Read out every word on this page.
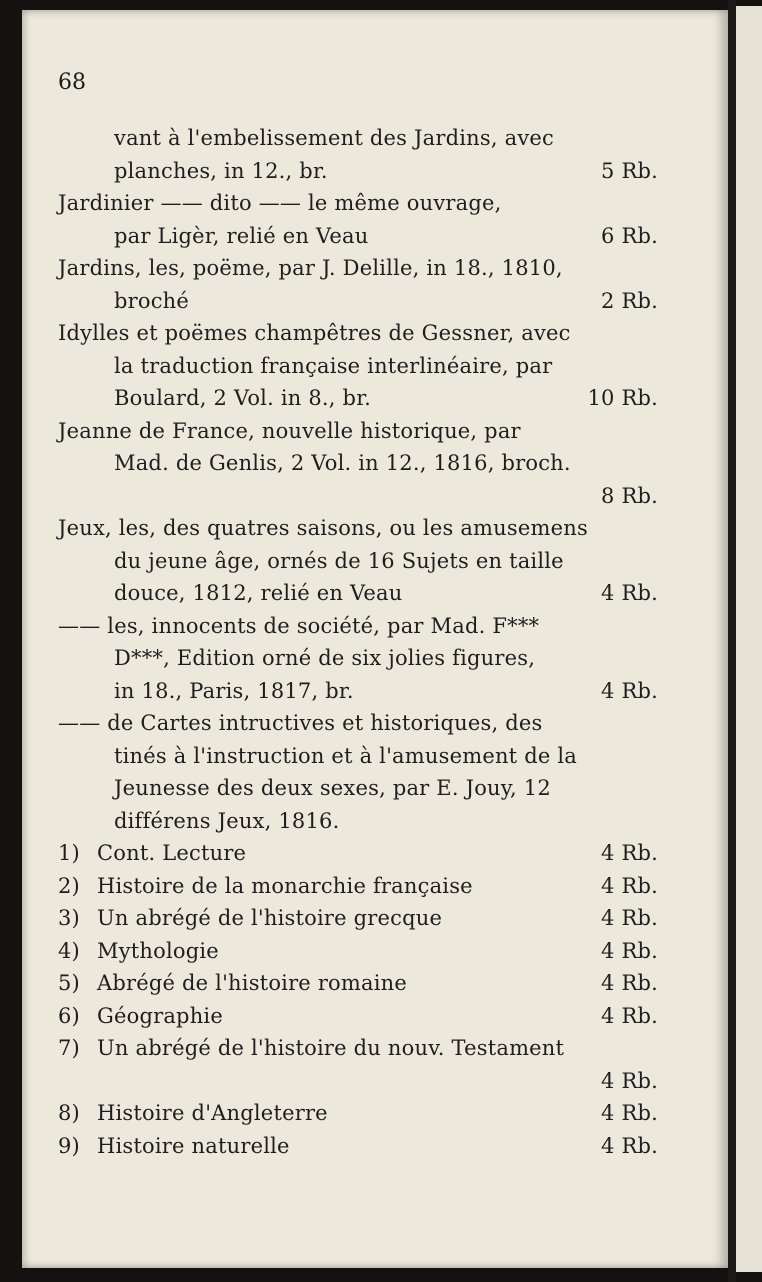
68
vant à l'embelissement des Jardins, avec
planches, in 12., br.	5 Rb.
Jardinier —— dito —— le même ouvrage,
par Ligèr, relié en Veau	6 Rb.
Jardins, les, poëme, par J. Delille, in 18., 1810,
broché	2 Rb.
Idylles et poëmes champêtres de Gessner, avec
la traduction française interlinéaire, par
Boulard, 2 Vol. in 8., br.	10 Rb.
Jeanne de France, nouvelle historique, par
Mad. de Genlis, 2 Vol. in 12., 1816, broch.
8 Rb.
Jeux, les, des quatres saisons, ou les amusemens
du jeune âge, ornés de 16 Sujets en taille
douce, 1812, relié en Veau	4 Rb.
—— les, innocents de société, par Mad. F***
D***, Edition orné de six jolies figures,
in 18., Paris, 1817, br.	4 Rb.
—— de Cartes intructives et historiques, des
tinés à l'instruction et à l'amusement de la
Jeunesse des deux sexes, par E. Jouy, 12
différens Jeux, 1816.
1) Cont. Lecture	4 Rb.
2) Histoire de la monarchie française	4 Rb.
3) Un abrégé de l'histoire grecque	4 Rb.
4) Mythologie	4 Rb.
5) Abrégé de l'histoire romaine	4 Rb.
6) Géographie	4 Rb.
7) Un abrégé de l'histoire du nouv. Testament
4 Rb.
8) Histoire d'Angleterre	4 Rb.
9) Histoire naturelle	4 Rb.
